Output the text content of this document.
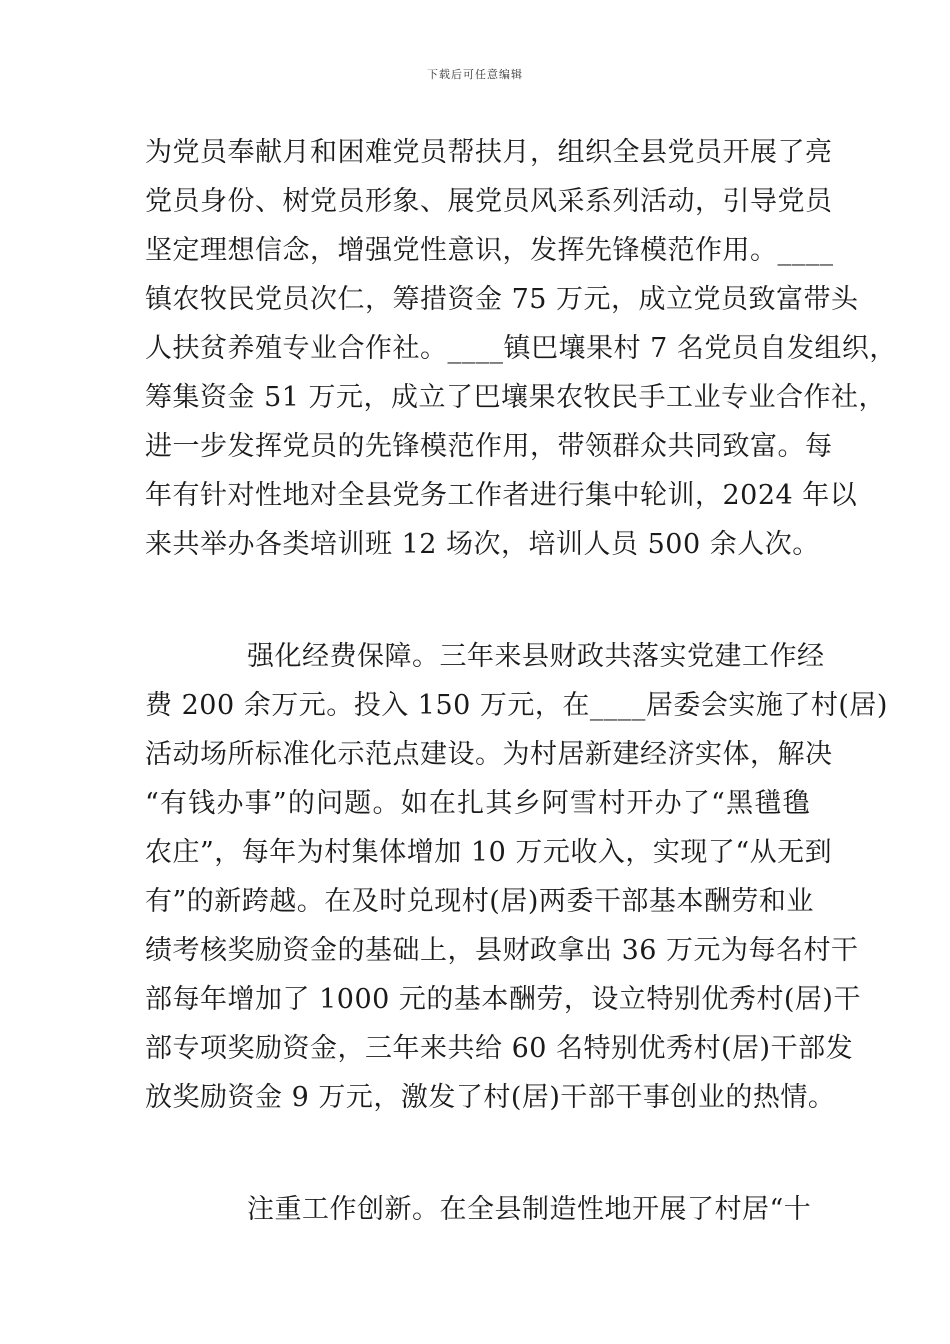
下载后可任意编辑
为党员奉献月和困难党员帮扶月，组织全县党员开展了亮
党员身份、树党员形象、展党员风采系列活动，引导党员
坚定理想信念，增强党性意识，发挥先锋模范作用。____
镇农牧民党员次仁，筹措资金 75 万元，成立党员致富带头
人扶贫养殖专业合作社。____镇巴壤果村 7 名党员自发组织，
筹集资金 51 万元，成立了巴壤果农牧民手工业专业合作社，
进一步发挥党员的先锋模范作用，带领群众共同致富。每
年有针对性地对全县党务工作者进行集中轮训，2024 年以
来共举办各类培训班 12 场次，培训人员 500 余人次。
强化经费保障。三年来县财政共落实党建工作经
费 200 余万元。投入 150 万元，在____居委会实施了村(居)
活动场所标准化示范点建设。为村居新建经济实体，解决
“有钱办事”的问题。如在扎其乡阿雪村开办了“黑氆氇
农庄”，每年为村集体增加 10 万元收入，实现了“从无到
有”的新跨越。在及时兑现村(居)两委干部基本酬劳和业
绩考核奖励资金的基础上，县财政拿出 36 万元为每名村干
部每年增加了 1000 元的基本酬劳，设立特别优秀村(居)干
部专项奖励资金，三年来共给 60 名特别优秀村(居)干部发
放奖励资金 9 万元，激发了村(居)干部干事创业的热情。
注重工作创新。在全县制造性地开展了村居“十
